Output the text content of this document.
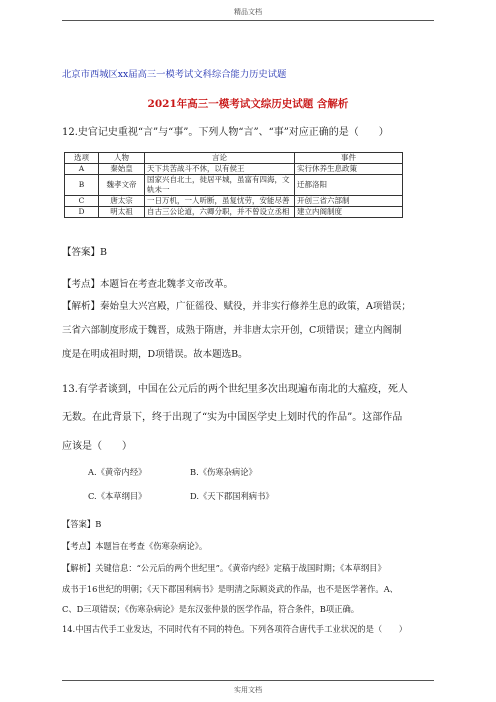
精品文档
北京市西城区xx届高三一模考试文科综合能力历史试题
2021年高三一模考试文综历史试题 含解析
12.史官记史重视“言”与“事”。下列人物“言”、“事”对应正确的是（　　）
选项	人物	言论	事件
A	秦始皇	天下共苦战斗不休，以有侯王	实行休养生息政策
B	魏孝文帝	国家兴自北土，徙居平城，虽富有四海，文轨未一	迁都洛阳
C	唐太宗	一日万机，一人听断，虽复忧劳，安能尽善	开创三省六部制
D	明太祖	自古三公论道，六卿分职，并不曾设立丞相	建立内阁制度
【答案】B
【考点】本题旨在考查北魏孝文帝改革。
【解析】秦始皇大兴宫殿，广征徭役、赋役，并非实行修养生息的政策，A项错误；
三省六部制度形成于魏晋，成熟于隋唐，并非唐太宗开创，C项错误；建立内阁制
度是在明成祖时期，D项错误。故本题选B。
13.有学者谈到，中国在公元后的两个世纪里多次出现遍布南北的大瘟疫，死人
无数。在此背景下，终于出现了“实为中国医学史上划时代的作品”。这部作品
应该是（　　）
A.《黄帝内经》	B.《伤寒杂病论》
C.《本草纲目》	D.《天下郡国利病书》
【答案】B
【考点】本题旨在考查《伤寒杂病论》。
【解析】关键信息：“公元后的两个世纪里”。《黄帝内经》定稿于战国时期；《本草纲目》
成书于16世纪的明朝；《天下郡国利病书》是明清之际顾炎武的作品，也不是医学著作。A、
C、D三项错误；《伤寒杂病论》是东汉张仲景的医学作品，符合条件，B项正确。
14.中国古代手工业发达，不同时代有不同的特色。下列各项符合唐代手工业状况的是（　　）
实用文档
